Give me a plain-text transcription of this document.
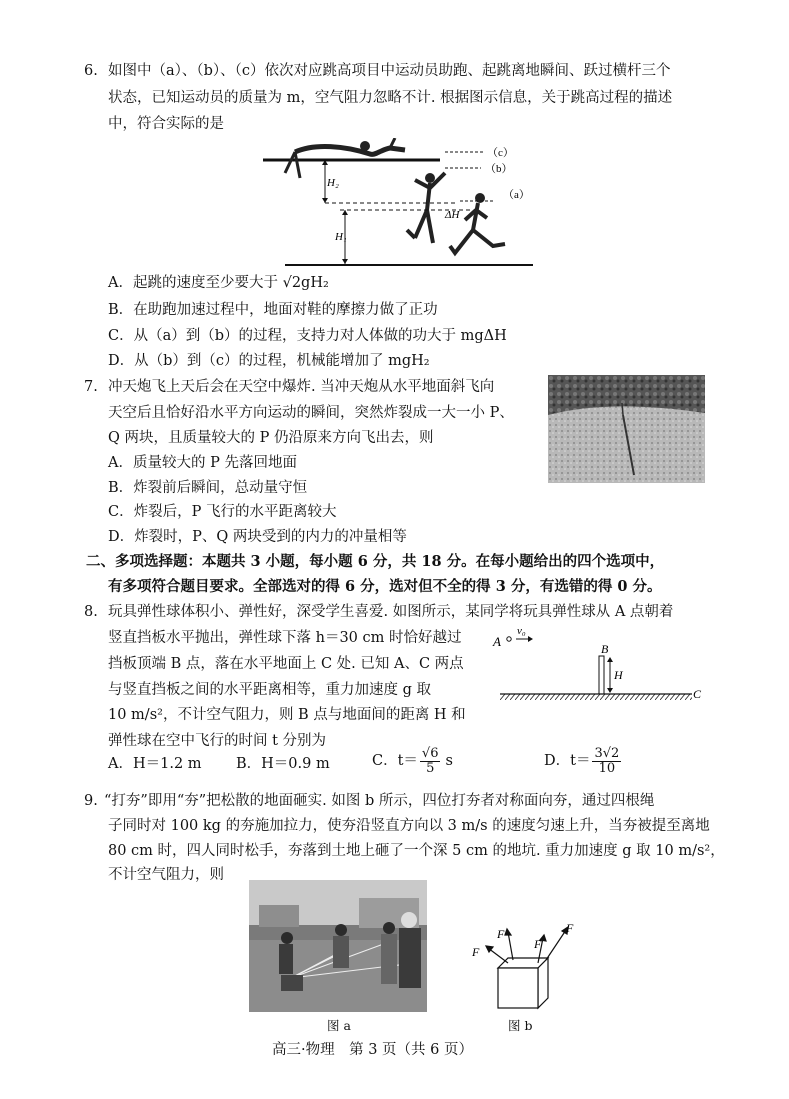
6. 如图中（a）、（b）、（c）依次对应跳高项目中运动员助跑、起跳离地瞬间、跃过横杆三个
状态，已知运动员的质量为 m，空气阻力忽略不计. 根据图示信息，关于跳高过程的描述
中，符合实际的是
（c）
（b）
（a）
H₂
H₁
ΔH
A．起跳的速度至少要大于 √2gH₂
B．在助跑加速过程中，地面对鞋的摩擦力做了正功
C．从（a）到（b）的过程，支持力对人体做的功大于 mgΔH
D．从（b）到（c）的过程，机械能增加了 mgH₂
7. 冲天炮飞上天后会在天空中爆炸. 当冲天炮从水平地面斜飞向
天空后且恰好沿水平方向运动的瞬间，突然炸裂成一大一小 P、
Q 两块，且质量较大的 P 仍沿原来方向飞出去，则
A．质量较大的 P 先落回地面
B．炸裂前后瞬间，总动量守恒
C．炸裂后，P 飞行的水平距离较大
D．炸裂时，P、Q 两块受到的内力的冲量相等
二、多项选择题：本题共 3 小题，每小题 6 分，共 18 分。在每小题给出的四个选项中，
有多项符合题目要求。全部选对的得 6 分，选对但不全的得 3 分，有选错的得 0 分。
8. 玩具弹性球体积小、弹性好，深受学生喜爱. 如图所示，某同学将玩具弹性球从 A 点朝着
竖直挡板水平抛出，弹性球下落 h＝30 cm 时恰好越过
挡板顶端 B 点，落在水平地面上 C 处. 已知 A、C 两点
与竖直挡板之间的水平距离相等，重力加速度 g 取
10 m/s²，不计空气阻力，则 B 点与地面间的距离 H 和
弹性球在空中飞行的时间 t 分别为
A
v₀
B
H
C
A．H＝1.2 m B．H＝0.9 m	C．$t= \frac{√6}{5}$ s	D．$t= \frac{3√2}{10}$
9. “打夯”即用“夯”把松散的地面砸实. 如图 b 所示，四位打夯者对称面向夯，通过四根绳
子同时对 100 kg 的夯施加拉力，使夯沿竖直方向以 3 m/s 的速度匀速上升，当夯被提至离地
80 cm 时，四人同时松手，夯落到土地上砸了一个深 5 cm 的地坑. 重力加速度 g 取 10 m/s²，
不计空气阻力，则
F
F
F
F
图 a	图 b
高三·物理　第 3 页（共 6 页）
